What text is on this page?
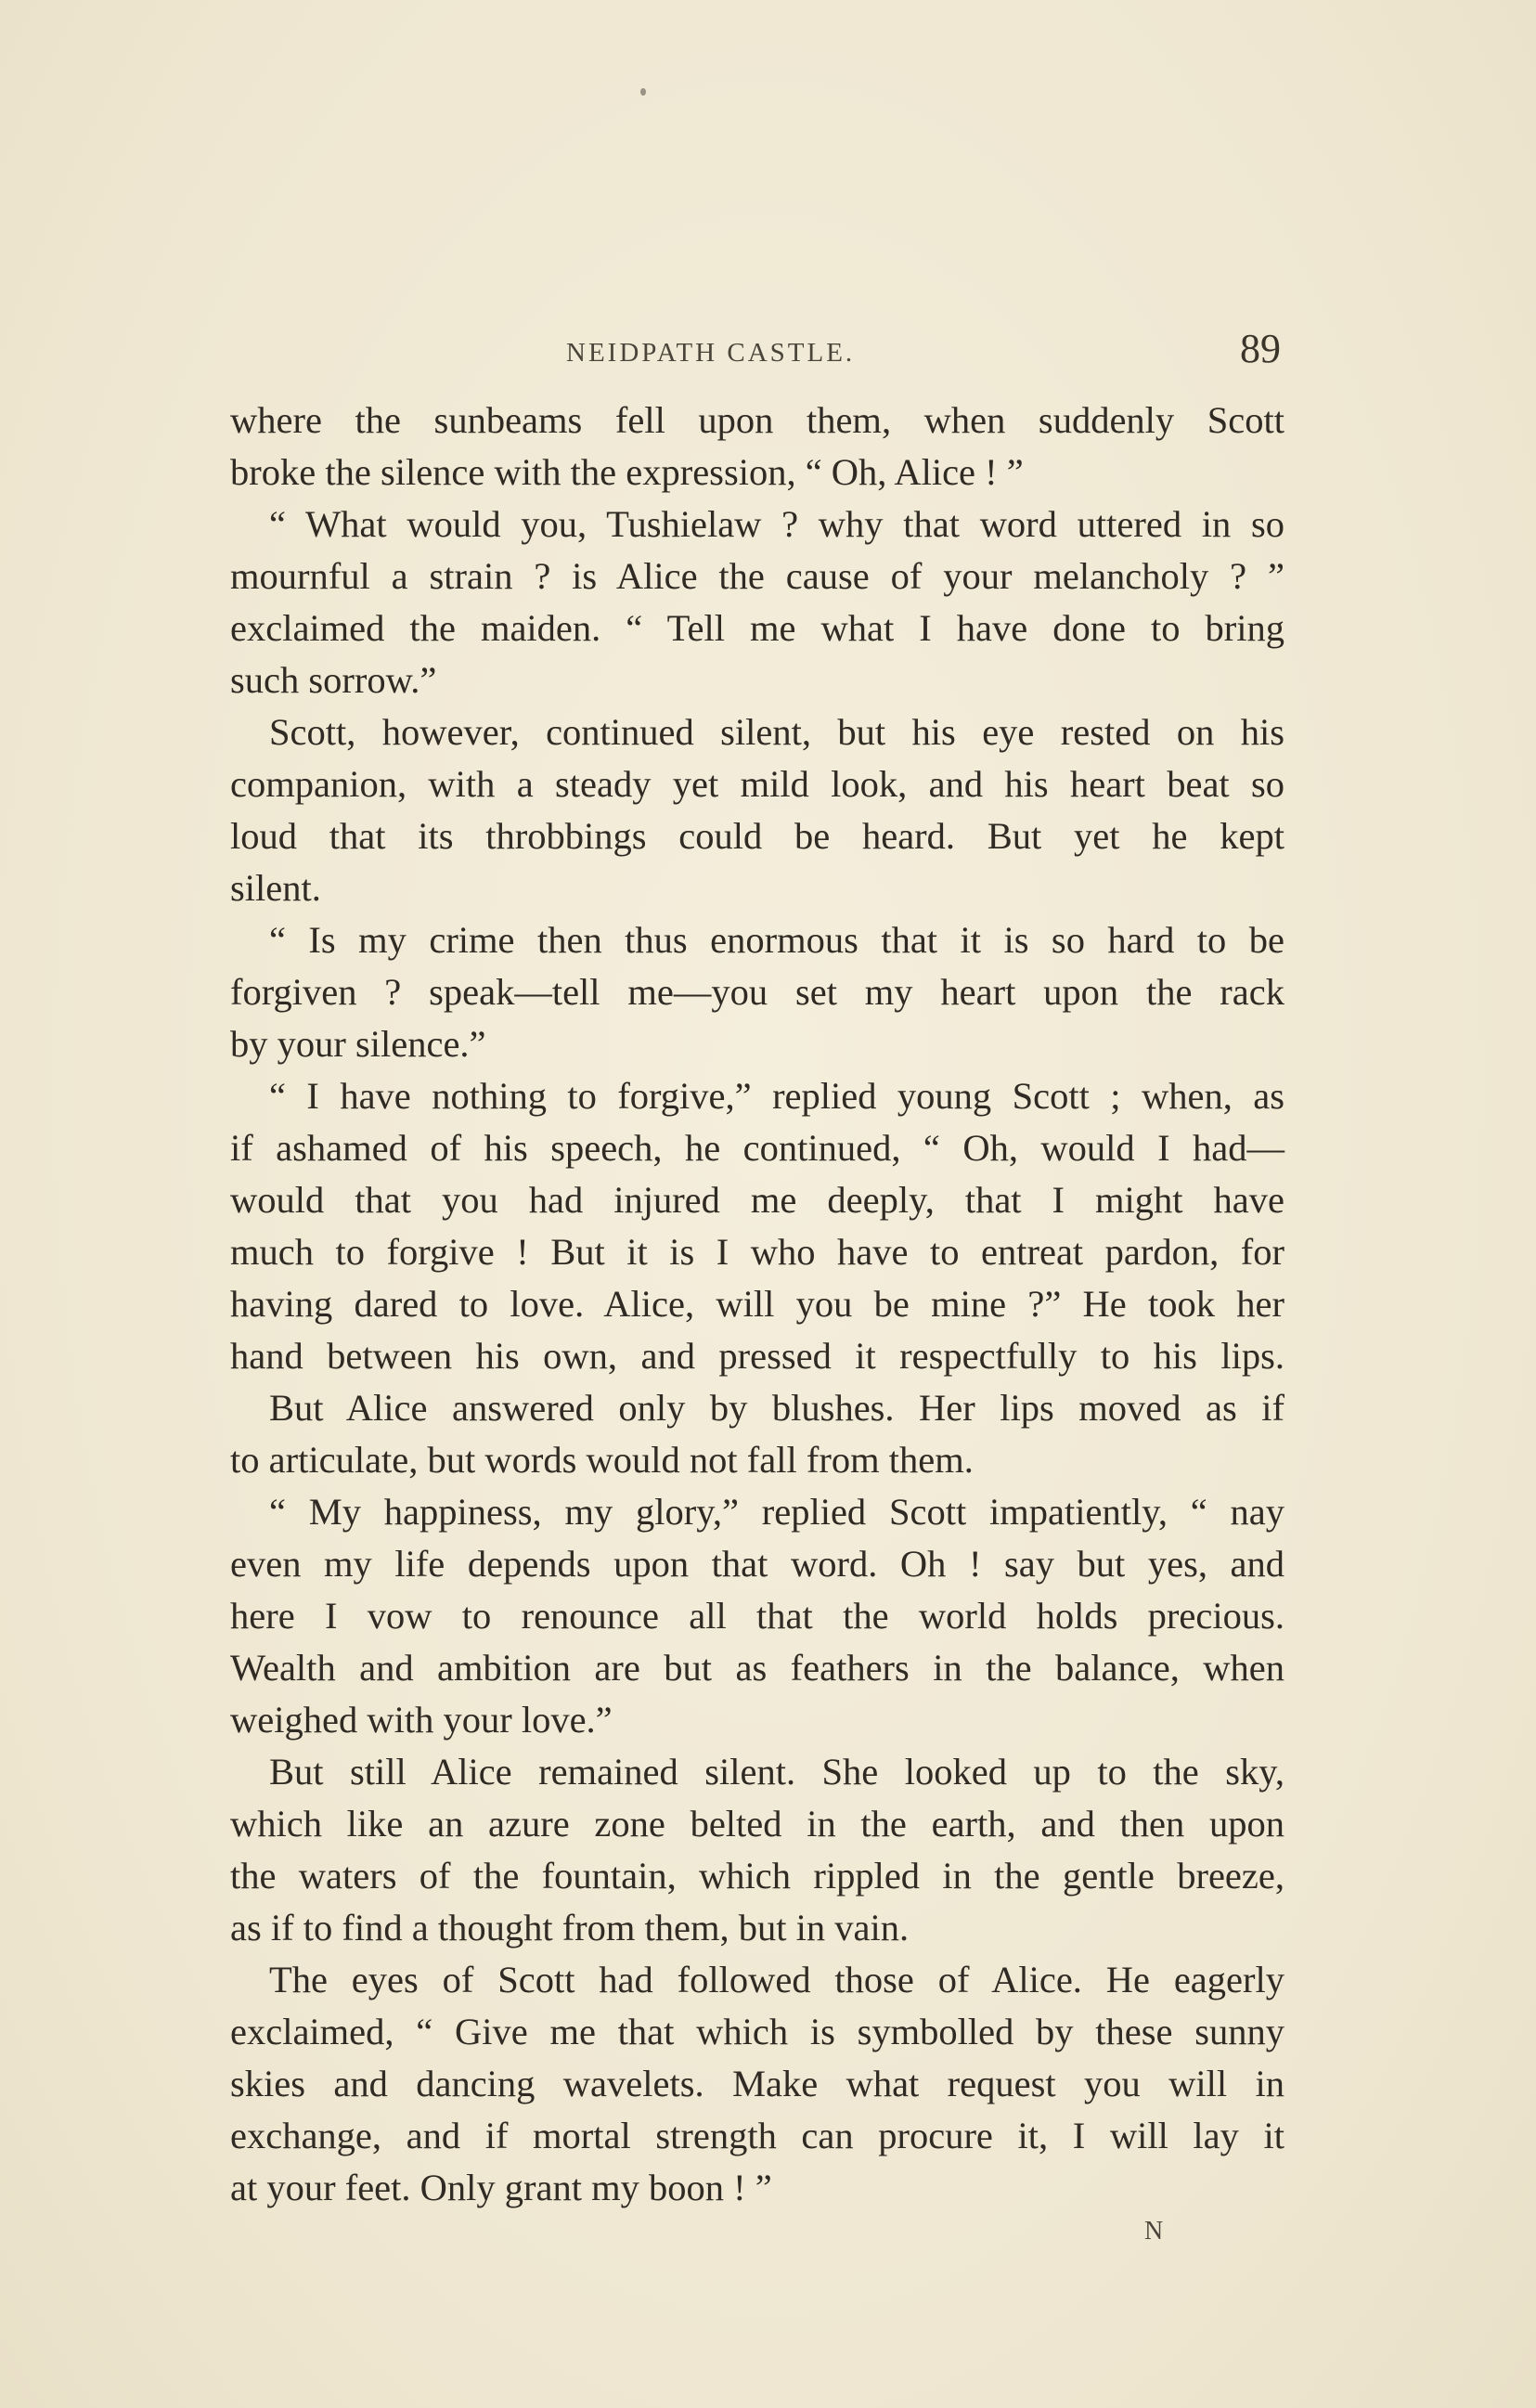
NEIDPATH CASTLE.	89
where the sunbeams fell upon them, when suddenly Scott
broke the silence with the expression, “ Oh, Alice ! ”
“ What would you, Tushielaw ? why that word uttered in so
mournful a strain ? is Alice the cause of your melancholy ? ”
exclaimed the maiden. “ Tell me what I have done to bring
such sorrow.”
Scott, however, continued silent, but his eye rested on his
companion, with a steady yet mild look, and his heart beat so
loud that its throbbings could be heard. But yet he kept
silent.
“ Is my crime then thus enormous that it is so hard to be
forgiven ? speak—tell me—you set my heart upon the rack
by your silence.”
“ I have nothing to forgive,” replied young Scott ; when, as
if ashamed of his speech, he continued, “ Oh, would I had—
would that you had injured me deeply, that I might have
much to forgive ! But it is I who have to entreat pardon, for
having dared to love. Alice, will you be mine ?” He took her
hand between his own, and pressed it respectfully to his lips.
But Alice answered only by blushes. Her lips moved as if
to articulate, but words would not fall from them.
“ My happiness, my glory,” replied Scott impatiently, “ nay
even my life depends upon that word. Oh ! say but yes, and
here I vow to renounce all that the world holds precious.
Wealth and ambition are but as feathers in the balance, when
weighed with your love.”
But still Alice remained silent. She looked up to the sky,
which like an azure zone belted in the earth, and then upon
the waters of the fountain, which rippled in the gentle breeze,
as if to find a thought from them, but in vain.
The eyes of Scott had followed those of Alice. He eagerly
exclaimed, “ Give me that which is symbolled by these sunny
skies and dancing wavelets. Make what request you will in
exchange, and if mortal strength can procure it, I will lay it
at your feet. Only grant my boon ! ”
N
